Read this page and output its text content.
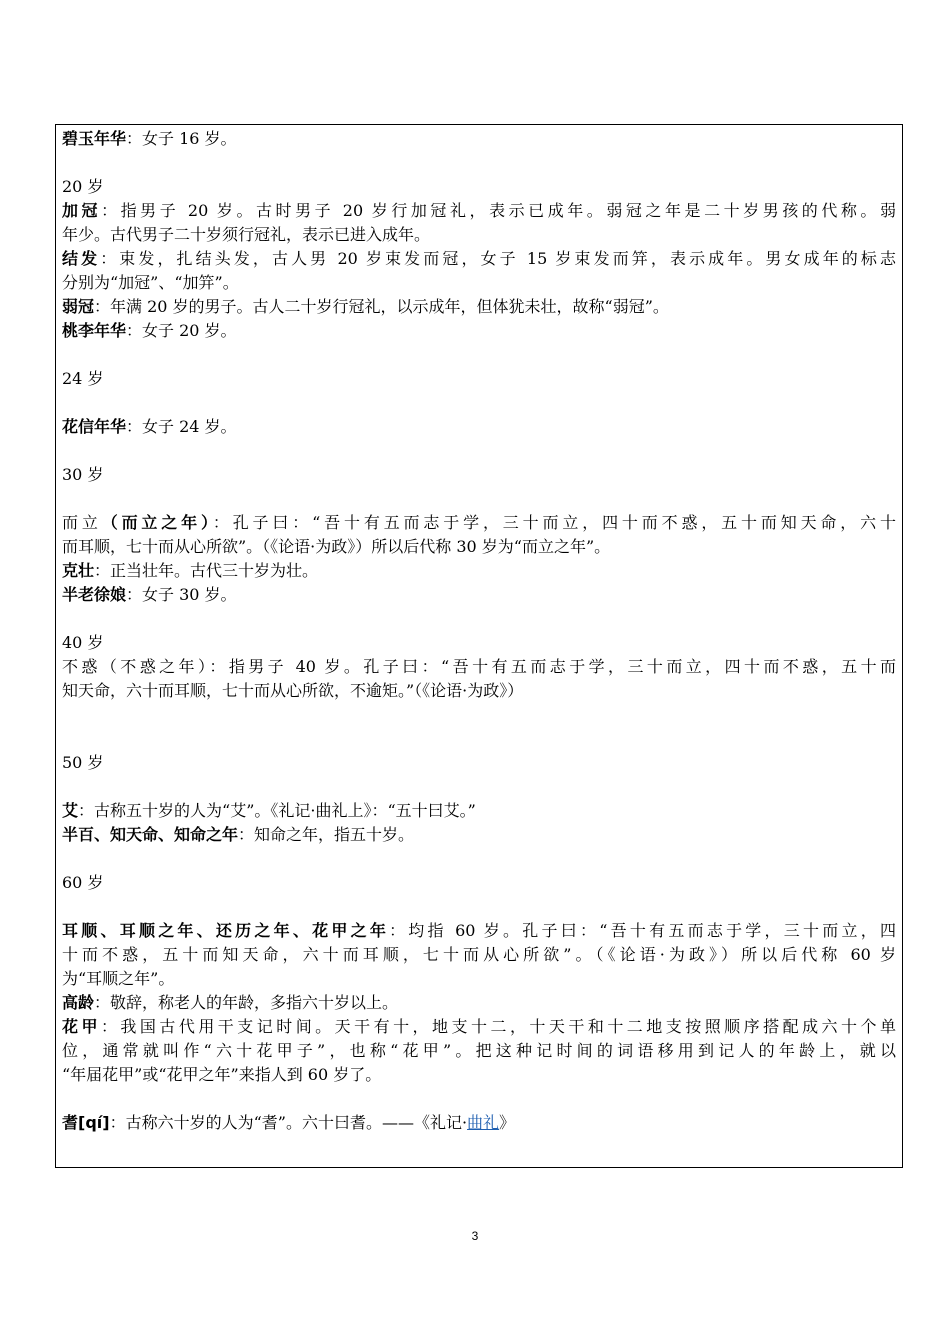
碧玉年华：女子 16 岁。

20 岁

加冠：指男子 20 岁。古时男子 20 岁行加冠礼，表示已成年。弱冠之年是二十岁男孩的代称。弱

年少。古代男子二十岁须行冠礼，表示已进入成年。

结发：束发，扎结头发，古人男 20 岁束发而冠，女子 15 岁束发而笄，表示成年。男女成年的标志

分别为“加冠”、“加笄”。

弱冠：年满 20 岁的男子。古人二十岁行冠礼，以示成年，但体犹未壮，故称“弱冠”。

桃李年华：女子 20 岁。

24 岁

花信年华：女子 24 岁。

30 岁

而立（而立之年）：孔子曰：“吾十有五而志于学，三十而立，四十而不惑，五十而知天命，六十

而耳顺，七十而从心所欲”。（《论语·为政》）所以后代称 30 岁为“而立之年”。

克壮：正当壮年。古代三十岁为壮。

半老徐娘：女子 30 岁。

40 岁

不惑（不惑之年）：指男子 40 岁。孔子曰：“吾十有五而志于学，三十而立，四十而不惑，五十而

知天命，六十而耳顺，七十而从心所欲，不逾矩。”（《论语·为政》）

50 岁

艾：古称五十岁的人为“艾”。《礼记·曲礼上》：“五十曰艾。”

半百、知天命、知命之年：知命之年，指五十岁。

60 岁

耳顺、耳顺之年、还历之年、花甲之年：均指 60 岁。孔子曰：“吾十有五而志于学，三十而立，四

十而不惑，五十而知天命，六十而耳顺，七十而从心所欲”。（《论语·为政》）所以后代称 60 岁

为“耳顺之年”。

高龄：敬辞，称老人的年龄，多指六十岁以上。

花甲：我国古代用干支记时间。天干有十，地支十二，十天干和十二地支按照顺序搭配成六十个单

位，通常就叫作“六十花甲子”，也称“花甲”。把这种记时间的词语移用到记人的年龄上，就以

“年届花甲”或“花甲之年”来指人到 60 岁了。

耆[qí]：古称六十岁的人为“耆”。六十曰耆。——《礼记·曲礼》

3
